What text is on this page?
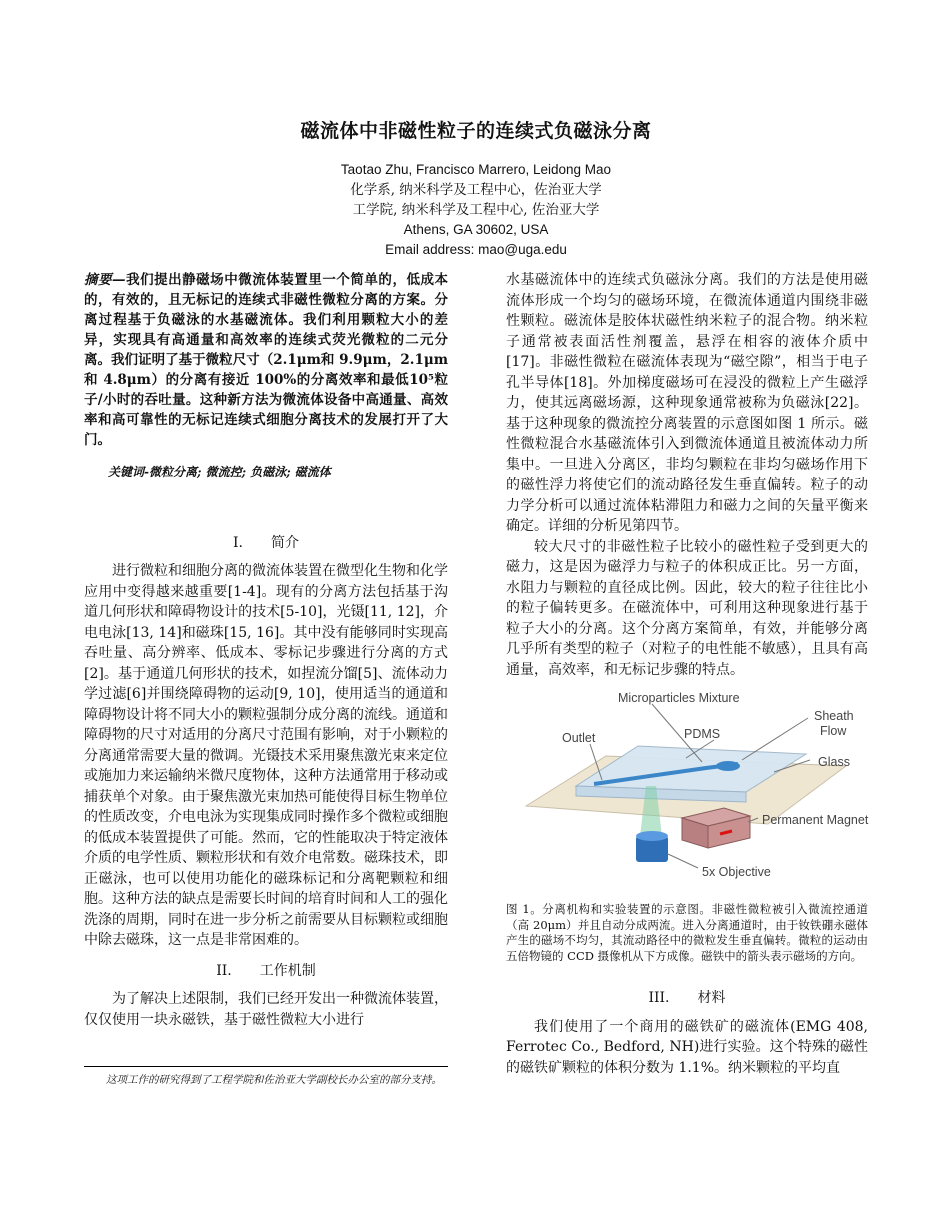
磁流体中非磁性粒子的连续式负磁泳分离
Taotao Zhu, Francisco Marrero, Leidong Mao
化学系, 纳米科学及工程中心，佐治亚大学
工学院, 纳米科学及工程中心, 佐治亚大学
Athens, GA 30602, USA
Email address: mao@uga.edu
摘要—我们提出静磁场中微流体装置里一个简单的，低成本的，有效的，且无标记的连续式非磁性微粒分离的方案。分离过程基于负磁泳的水基磁流体。我们利用颗粒大小的差异，实现具有高通量和高效率的连续式荧光微粒的二元分离。我们证明了基于微粒尺寸（2.1μm和 9.9μm，2.1μm和 4.8μm）的分离有接近 100%的分离效率和最低10⁵粒子/小时的吞吐量。这种新方法为微流体设备中高通量、高效率和高可靠性的无标记连续式细胞分离技术的发展打开了大门。
关键词-微粒分离; 微流控; 负磁泳; 磁流体
I.　　简介

进行微粒和细胞分离的微流体装置在微型化生物和化学应用中变得越来越重要[1-4]。现有的分离方法包括基于沟道几何形状和障碍物设计的技术[5-10]，光镊[11, 12]，介电电泳[13, 14]和磁珠[15, 16]。其中没有能够同时实现高吞吐量、高分辨率、低成本、零标记步骤进行分离的方式[2]。基于通道几何形状的技术，如捏流分馏[5]、流体动力学过滤[6]并围绕障碍物的运动[9, 10]，使用适当的通道和障碍物设计将不同大小的颗粒强制分成分离的流线。通道和障碍物的尺寸对适用的分离尺寸范围有影响，对于小颗粒的分离通常需要大量的微调。光镊技术采用聚焦激光束来定位或施加力来运输纳米微尺度物体，这种方法通常用于移动或捕获单个对象。由于聚焦激光束加热可能使得目标生物单位的性质改变，介电电泳为实现集成同时操作多个微粒或细胞的低成本装置提供了可能。然而，它的性能取决于特定液体介质的电学性质、颗粒形状和有效介电常数。磁珠技术，即正磁泳，也可以使用功能化的磁珠标记和分离靶颗粒和细胞。这种方法的缺点是需要长时间的培育时间和人工的强化洗涤的周期，同时在进一步分析之前需要从目标颗粒或细胞中除去磁珠，这一点是非常困难的。

II.　　工作机制

为了解决上述限制，我们已经开发出一种微流体装置，仅仅使用一块永磁铁，基于磁性微粒大小进行

这项工作的研究得到了工程学院和佐治亚大学副校长办公室的部分支持。

水基磁流体中的连续式负磁泳分离。我们的方法是使用磁流体形成一个均匀的磁场环境，在微流体通道内围绕非磁性颗粒。磁流体是胶体状磁性纳米粒子的混合物。纳米粒子通常被表面活性剂覆盖，悬浮在相容的液体介质中[17]。非磁性微粒在磁流体表现为“磁空隙”，相当于电子孔半导体[18]。外加梯度磁场可在浸没的微粒上产生磁浮力，使其远离磁场源，这种现象通常被称为负磁泳[22]。基于这种现象的微流控分离装置的示意图如图 1 所示。磁性微粒混合水基磁流体引入到微流体通道且被流体动力所集中。一旦进入分离区，非均匀颗粒在非均匀磁场作用下的磁性浮力将使它们的流动路径发生垂直偏转。粒子的动力学分析可以通过流体粘滞阻力和磁力之间的矢量平衡来确定。详细的分析见第四节。

较大尺寸的非磁性粒子比较小的磁性粒子受到更大的磁力，这是因为磁浮力与粒子的体积成正比。另一方面，水阻力与颗粒的直径成比例。因此，较大的粒子往往比小的粒子偏转更多。在磁流体中，可利用这种现象进行基于粒子大小的分离。这个分离方案简单，有效，并能够分离几乎所有类型的粒子（对粒子的电性能不敏感），且具有高通量，高效率，和无标记步骤的特点。

Microparticles Mixture
Sheath
Flow
Outlet	PDMS
Glass
Permanent Magnet
5x Objective
图 1。分离机构和实验装置的示意图。非磁性微粒被引入微流控通道（高 20μm）并且自动分成两流。进入分离通道时，由于钕铁硼永磁体产生的磁场不均匀，其流动路径中的微粒发生垂直偏转。微粒的运动由五倍物镜的 CCD 摄像机从下方成像。磁铁中的箭头表示磁场的方向。
III.　　材料

我们使用了一个商用的磁铁矿的磁流体(EMG 408, Ferrotec Co., Bedford, NH)进行实验。这个特殊的磁性的磁铁矿颗粒的体积分数为 1.1%。纳米颗粒的平均直
